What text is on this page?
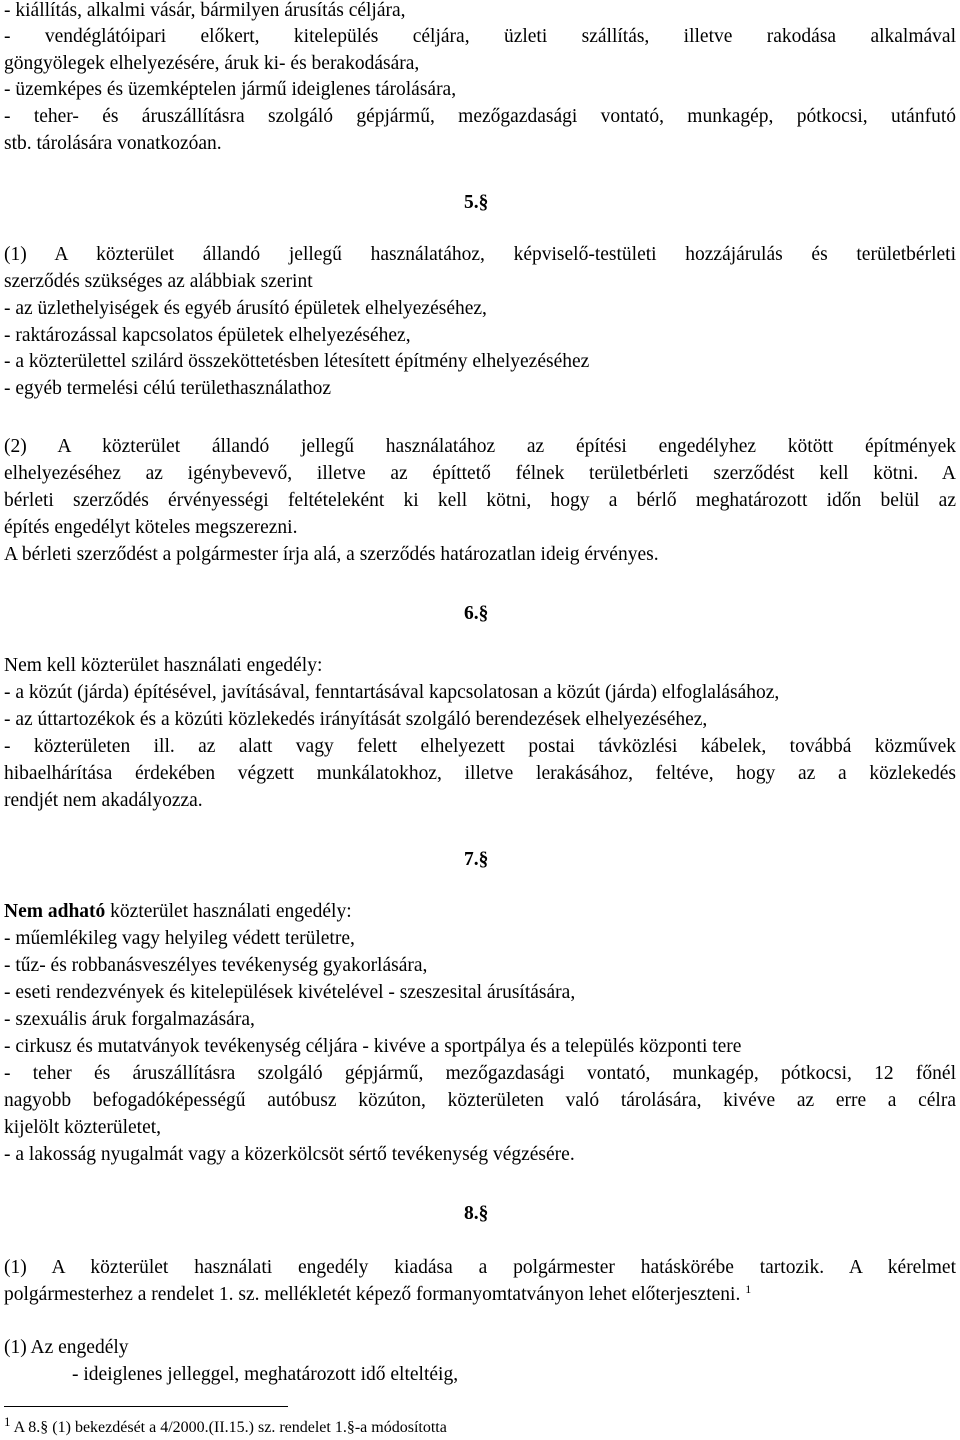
- kiállítás, alkalmi vásár, bármilyen árusítás céljára,
- vendéglátóipari előkert, kitelepülés céljára, üzleti szállítás, illetve rakodása alkalmával
göngyölegek elhelyezésére, áruk ki- és berakodására,
- üzemképes és üzemképtelen jármű ideiglenes tárolására,
- teher- és áruszállításra szolgáló gépjármű, mezőgazdasági vontató, munkagép, pótkocsi, utánfutó
stb. tárolására vonatkozóan.
5.§
(1) A közterület állandó jellegű használatához, képviselő-testületi hozzájárulás és területbérleti
szerződés szükséges az alábbiak szerint
- az üzlethelyiségek és egyéb árusító épületek elhelyezéséhez,
- raktározással kapcsolatos épületek elhelyezéséhez,
- a közterülettel szilárd összeköttetésben létesített építmény elhelyezéséhez
- egyéb termelési célú területhasználathoz
(2) A közterület állandó jellegű használatához az építési engedélyhez kötött építmények
elhelyezéséhez az igénybevevő, illetve az építtető félnek területbérleti szerződést kell kötni. A
bérleti szerződés érvényességi feltételeként ki kell kötni, hogy a bérlő meghatározott időn belül az
építés engedélyt köteles megszerezni.
A bérleti szerződést a polgármester írja alá, a szerződés határozatlan ideig érvényes.
6.§
Nem kell közterület használati engedély:
- a közút (járda) építésével, javításával, fenntartásával kapcsolatosan a közút (járda) elfoglalásához,
- az úttartozékok és a közúti közlekedés irányítását szolgáló berendezések elhelyezéséhez,
- közterületen ill. az alatt vagy felett elhelyezett postai távközlési kábelek, továbbá közművek
hibaelhárítása érdekében végzett munkálatokhoz, illetve lerakásához, feltéve, hogy az a közlekedés
rendjét nem akadályozza.
7.§
Nem adható közterület használati engedély:
- műemlékileg vagy helyileg védett területre,
- tűz- és robbanásveszélyes tevékenység gyakorlására,
- eseti rendezvények és kitelepülések kivételével - szeszesital árusítására,
- szexuális áruk forgalmazására,
- cirkusz és mutatványok tevékenység céljára - kivéve a sportpálya és a település központi tere
- teher és áruszállításra szolgáló gépjármű, mezőgazdasági vontató, munkagép, pótkocsi, 12 főnél
nagyobb befogadóképességű autóbusz közúton, közterületen való tárolására, kivéve az erre a célra
kijelölt közterületet,
- a lakosság nyugalmát vagy a közerkölcsöt sértő tevékenység végzésére.
8.§
(1) A közterület használati engedély kiadása a polgármester hatáskörébe tartozik. A kérelmet
polgármesterhez a rendelet 1. sz. mellékletét képező formanyomtatványon lehet előterjeszteni. $^1$
(1) Az engedély
- ideiglenes jelleggel, meghatározott idő elteltéig,
$^1$ A 8.§ (1) bekezdését a 4/2000.(II.15.) sz. rendelet 1.§-a módosította
